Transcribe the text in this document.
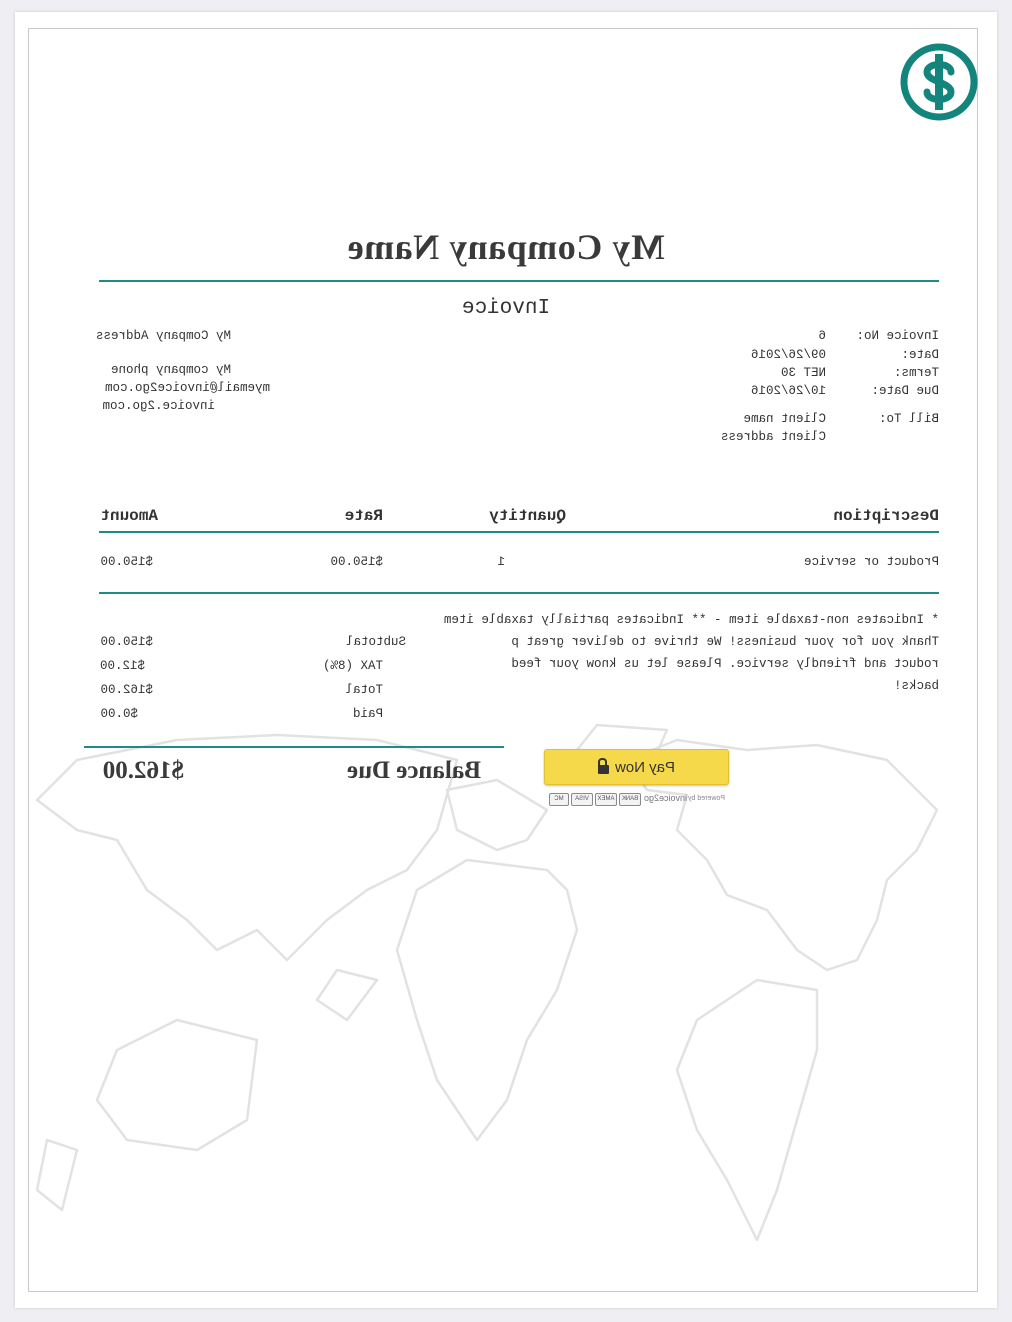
My Company Name
Invoice
My Company Address
My company phone
myemail@invoice2go.com
invoice.2go.com
Invoice No:
6
Date:
09/26/2016
Terms:
NET 30
Due Date:
10/26/2016
Bill To:
Client name
Client address
Description
Quantity
Rate
Amount
Product or service
1
$150.00
$150.00
* Indicates non-taxable item - ** Indicates partially taxable item
Thank you for your business! We thrive to deliver great p
roduct and friendly service. Please let us know your feed
backs!
Subtotal
$150.00
TAX (8%)
$12.00
Total
$162.00
Paid
$0.00
Balance Due
$162.00	Pay Now
Powered by
invoice2go
BANK
AMEX
VISA
MC
